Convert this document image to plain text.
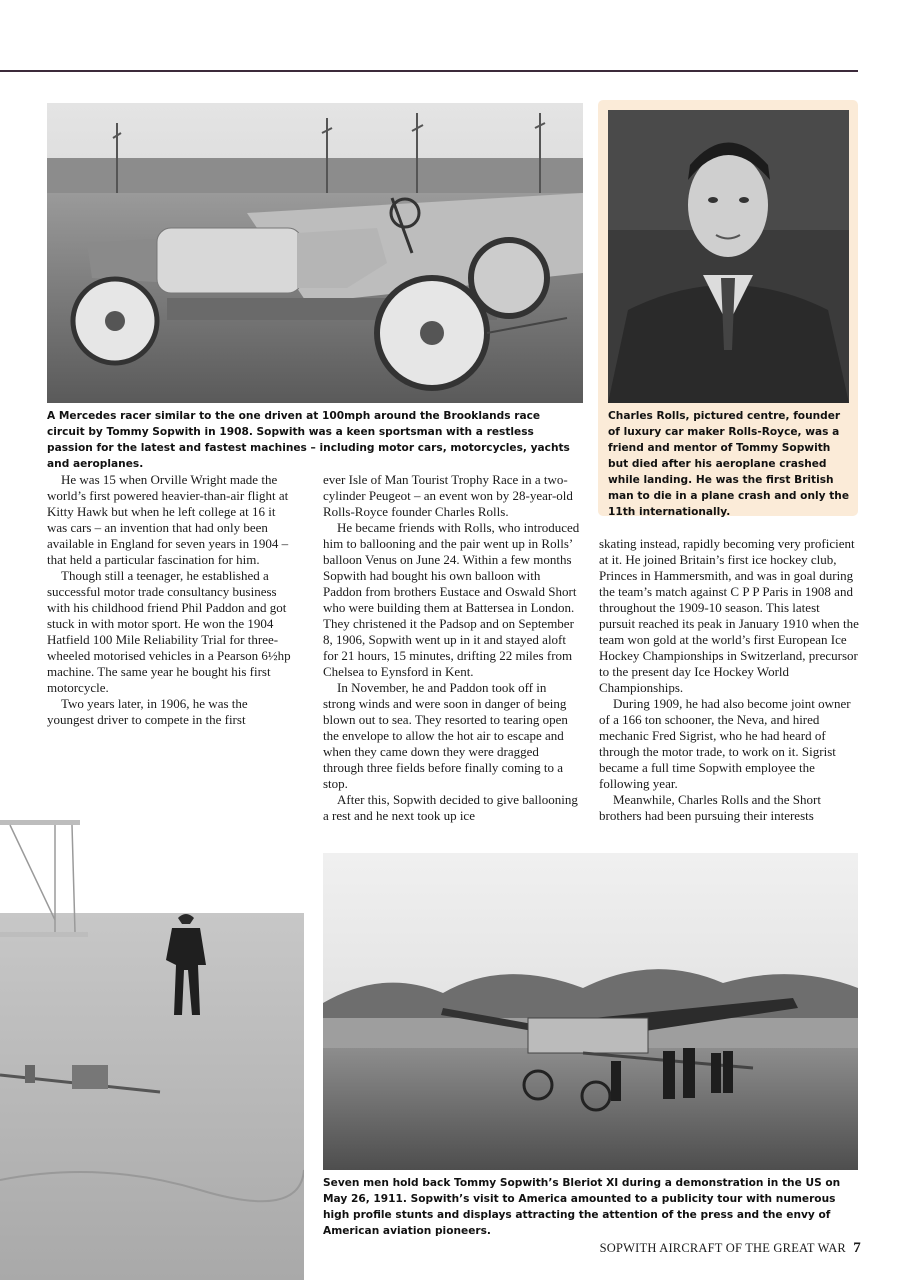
A Mercedes racer similar to the one driven at 100mph around the Brooklands race circuit by Tommy Sopwith in 1908. Sopwith was a keen sportsman with a restless passion for the latest and fastest machines – including motor cars, motorcycles, yachts and aeroplanes.

Charles Rolls, pictured centre, founder of luxury car maker Rolls-Royce, was a friend and mentor of Tommy Sopwith but died after his aeroplane crashed while landing. He was the first British man to die in a plane crash and only the 11th internationally.

He was 15 when Orville Wright made the world’s first powered heavier-than-air flight at Kitty Hawk but when he left college at 16 it was cars – an invention that had only been available in England for seven years in 1904 – that held a particular fascination for him.

Though still a teenager, he established a successful motor trade consultancy business with his childhood friend Phil Paddon and got stuck in with motor sport. He won the 1904 Hatfield 100 Mile Reliability Trial for three-wheeled motorised vehicles in a Pearson 6½hp machine. The same year he bought his first motorcycle.

Two years later, in 1906, he was the youngest driver to compete in the first

ever Isle of Man Tourist Trophy Race in a two-cylinder Peugeot – an event won by 28-year-old Rolls-Royce founder Charles Rolls.

He became friends with Rolls, who introduced him to ballooning and the pair went up in Rolls’ balloon Venus on June 24. Within a few months Sopwith had bought his own balloon with Paddon from brothers Eustace and Oswald Short who were building them at Battersea in London. They christened it the Padsop and on September 8, 1906, Sopwith went up in it and stayed aloft for 21 hours, 15 minutes, drifting 22 miles from Chelsea to Eynsford in Kent.

In November, he and Paddon took off in strong winds and were soon in danger of being blown out to sea. They resorted to tearing open the envelope to allow the hot air to escape and when they came down they were dragged through three fields before finally coming to a stop.

After this, Sopwith decided to give ballooning a rest and he next took up ice

skating instead, rapidly becoming very proficient at it. He joined Britain’s first ice hockey club, Princes in Hammersmith, and was in goal during the team’s match against C P P Paris in 1908 and throughout the 1909-10 season. This latest pursuit reached its peak in January 1910 when the team won gold at the world’s first European Ice Hockey Championships in Switzerland, precursor to the present day Ice Hockey World Championships.

During 1909, he had also become joint owner of a 166 ton schooner, the Neva, and hired mechanic Fred Sigrist, who he had heard of through the motor trade, to work on it. Sigrist became a full time Sopwith employee the following year.

Meanwhile, Charles Rolls and the Short brothers had been pursuing their interests

Seven men hold back Tommy Sopwith’s Bleriot XI during a demonstration in the US on May 26, 1911. Sopwith’s visit to America amounted to a publicity tour with numerous high profile stunts and displays attracting the attention of the press and the envy of American aviation pioneers.

SOPWITH AIRCRAFT OF THE GREAT WAR 7
